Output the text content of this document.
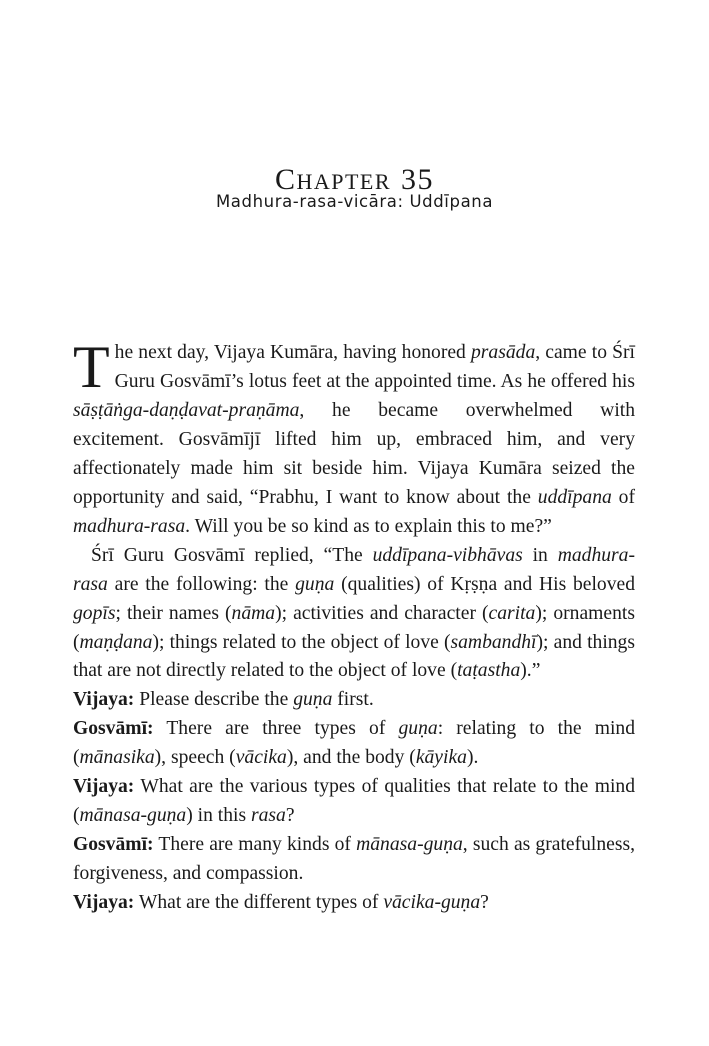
CHAPTER 35
Madhura-rasa-vicāra: Uddīpana

The next day, Vijaya Kumāra, having honored prasāda, came to Śrī Guru Gosvāmī’s lotus feet at the appointed time. As he offered his sāṣṭāṅga-daṇḍavat-praṇāma, he became overwhelmed with excitement. Gosvāmījī lifted him up, embraced him, and very affectionately made him sit beside him. Vijaya Kumāra seized the opportunity and said, “Prabhu, I want to know about the uddīpana of madhura-rasa. Will you be so kind as to explain this to me?”

Śrī Guru Gosvāmī replied, “The uddīpana-vibhāvas in madhura-rasa are the following: the guṇa (qualities) of Kṛṣṇa and His beloved gopīs; their names (nāma); activities and character (carita); ornaments (maṇḍana); things related to the object of love (sambandhī); and things that are not directly related to the object of love (taṭastha).”

Vijaya: Please describe the guṇa first.

Gosvāmī: There are three types of guṇa: relating to the mind (mānasika), speech (vācika), and the body (kāyika).

Vijaya: What are the various types of qualities that relate to the mind (mānasa-guṇa) in this rasa?

Gosvāmī: There are many kinds of mānasa-guṇa, such as gratefulness, forgiveness, and compassion.

Vijaya: What are the different types of vācika-guṇa?
